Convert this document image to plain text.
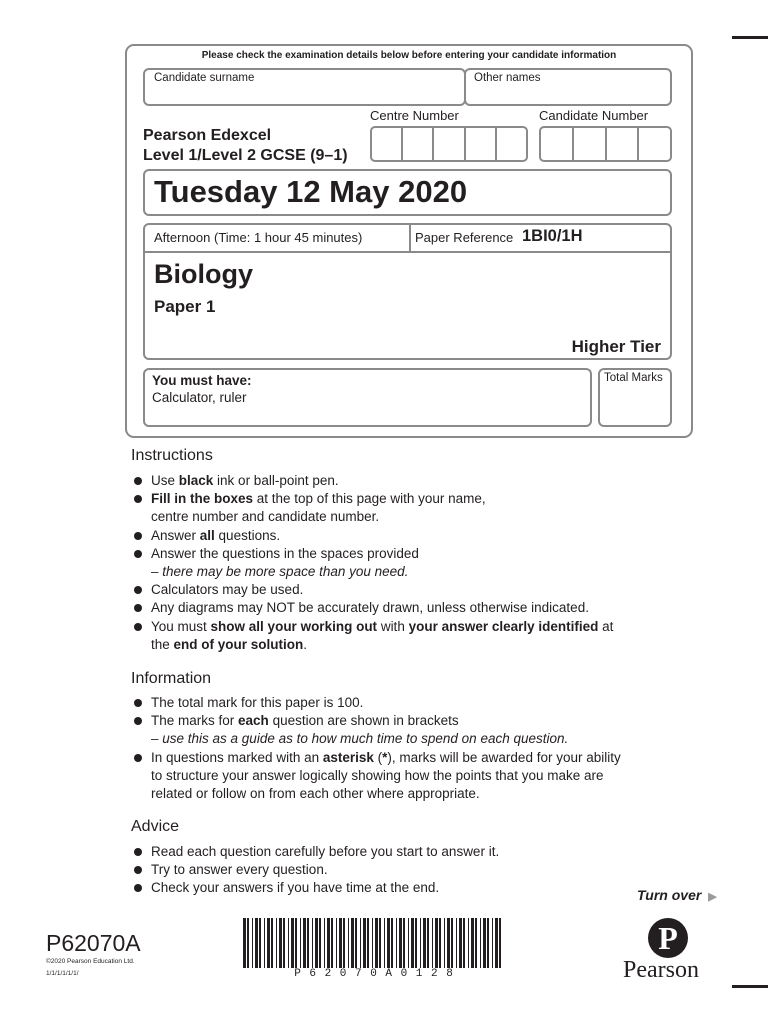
Please check the examination details below before entering your candidate information
Candidate surname	Other names
Centre Number	Candidate Number
Pearson Edexcel
Level 1/Level 2 GCSE (9–1)
Tuesday 12 May 2020
Afternoon (Time: 1 hour 45 minutes)	Paper Reference 1BI0/1H
Biology
Paper 1
Higher Tier
You must have:
Calculator, ruler
Total Marks
Instructions
Use black ink or ball-point pen.
Fill in the boxes at the top of this page with your name,
centre number and candidate number.
Answer all questions.
Answer the questions in the spaces provided
– there may be more space than you need.
Calculators may be used.
Any diagrams may NOT be accurately drawn, unless otherwise indicated.
You must show all your working out with your answer clearly identified at
the end of your solution.
Information
The total mark for this paper is 100.
The marks for each question are shown in brackets
– use this as a guide as to how much time to spend on each question.
In questions marked with an asterisk (*), marks will be awarded for your ability
to structure your answer logically showing how the points that you make are
related or follow on from each other where appropriate.
Advice
Read each question carefully before you start to answer it.
Try to answer every question.
Check your answers if you have time at the end.	Turn over ▶
P62070A
©2020 Pearson Education Ltd.
1/1/1/1/1/1/	P 6 2 0 7 0 A 0 1 2 8
P
Pearson
